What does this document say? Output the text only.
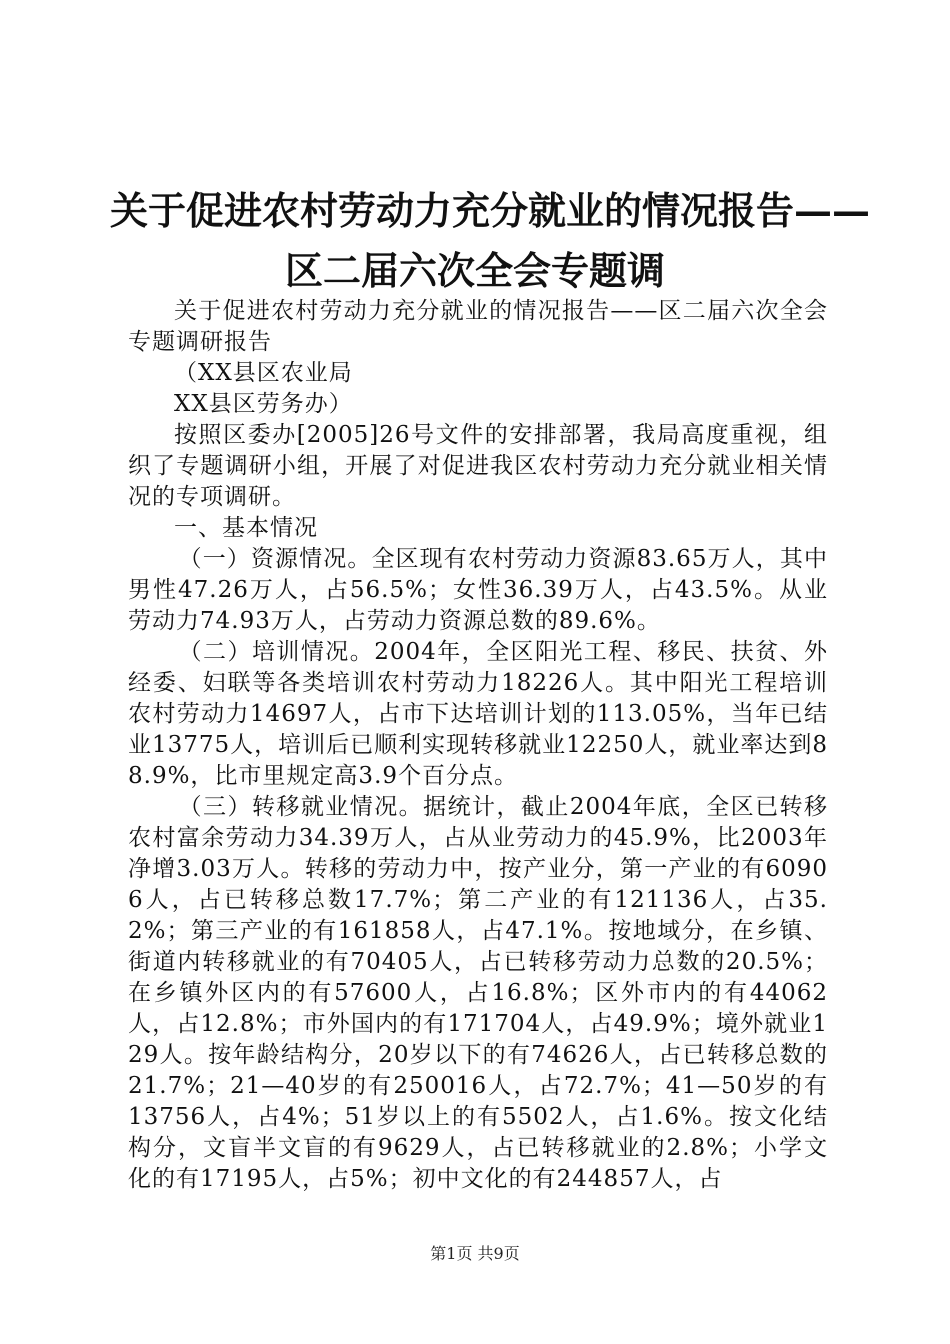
关于促进农村劳动力充分就业的情况报告——
区二届六次全会专题调

关于促进农村劳动力充分就业的情况报告——区二届六次全会专题调研报告

（XX县区农业局

XX县区劳务办）

按照区委办[2005]26号文件的安排部署，我局高度重视，组织了专题调研小组，开展了对促进我区农村劳动力充分就业相关情况的专项调研。

一、基本情况

（一）资源情况。全区现有农村劳动力资源83.65万人，其中男性47.26万人，占56.5%；女性36.39万人，占43.5%。从业劳动力74.93万人，占劳动力资源总数的89.6%。

（二）培训情况。2004年，全区阳光工程、移民、扶贫、外经委、妇联等各类培训农村劳动力18226人。其中阳光工程培训农村劳动力14697人，占市下达培训计划的113.05%，当年已结业13775人，培训后已顺利实现转移就业12250人，就业率达到88.9%，比市里规定高3.9个百分点。

（三）转移就业情况。据统计，截止2004年底，全区已转移农村富余劳动力34.39万人，占从业劳动力的45.9%，比2003年净增3.03万人。转移的劳动力中，按产业分，第一产业的有60906人，占已转移总数17.7%；第二产业的有121136人，占35.2%；第三产业的有161858人，占47.1%。按地域分，在乡镇、街道内转移就业的有70405人，占已转移劳动力总数的20.5%；在乡镇外区内的有57600人，占16.8%；区外市内的有44062人，占12.8%；市外国内的有171704人，占49.9%；境外就业129人。按年龄结构分，20岁以下的有74626人，占已转移总数的21.7%；21—40岁的有250016人，占72.7%；41—50岁的有13756人，占4%；51岁以上的有5502人，占1.6%。按文化结构分，文盲半文盲的有9629人，占已转移就业的2.8%；小学文化的有17195人，占5%；初中文化的有244857人，占

第1页 共9页
